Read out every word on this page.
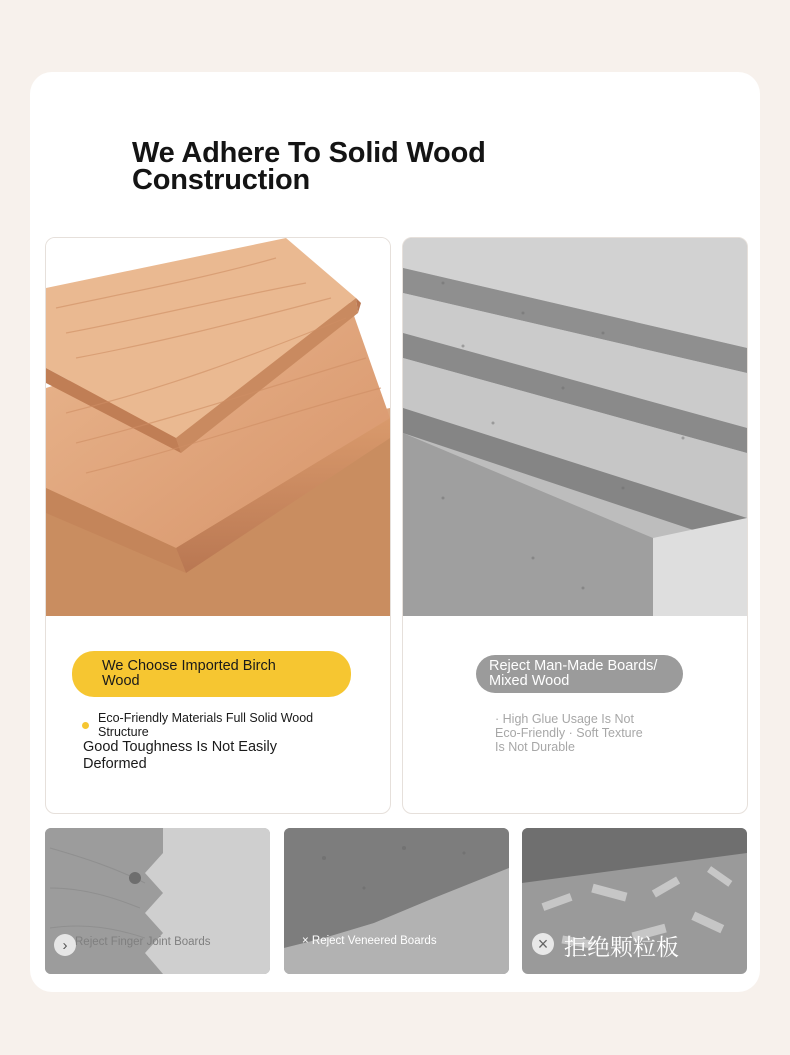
We Adhere To Solid Wood Construction
We Choose Imported Birch Wood
Eco-Friendly Materials Full Solid Wood Structure
Good Toughness Is Not Easily Deformed
Reject Man-Made Boards/ Mixed Wood
· High Glue Usage Is Not Eco-Friendly · Soft Texture Is Not Durable
› Reject Finger Joint Boards	× Reject Veneered Boards	× 拒绝颗粒板
